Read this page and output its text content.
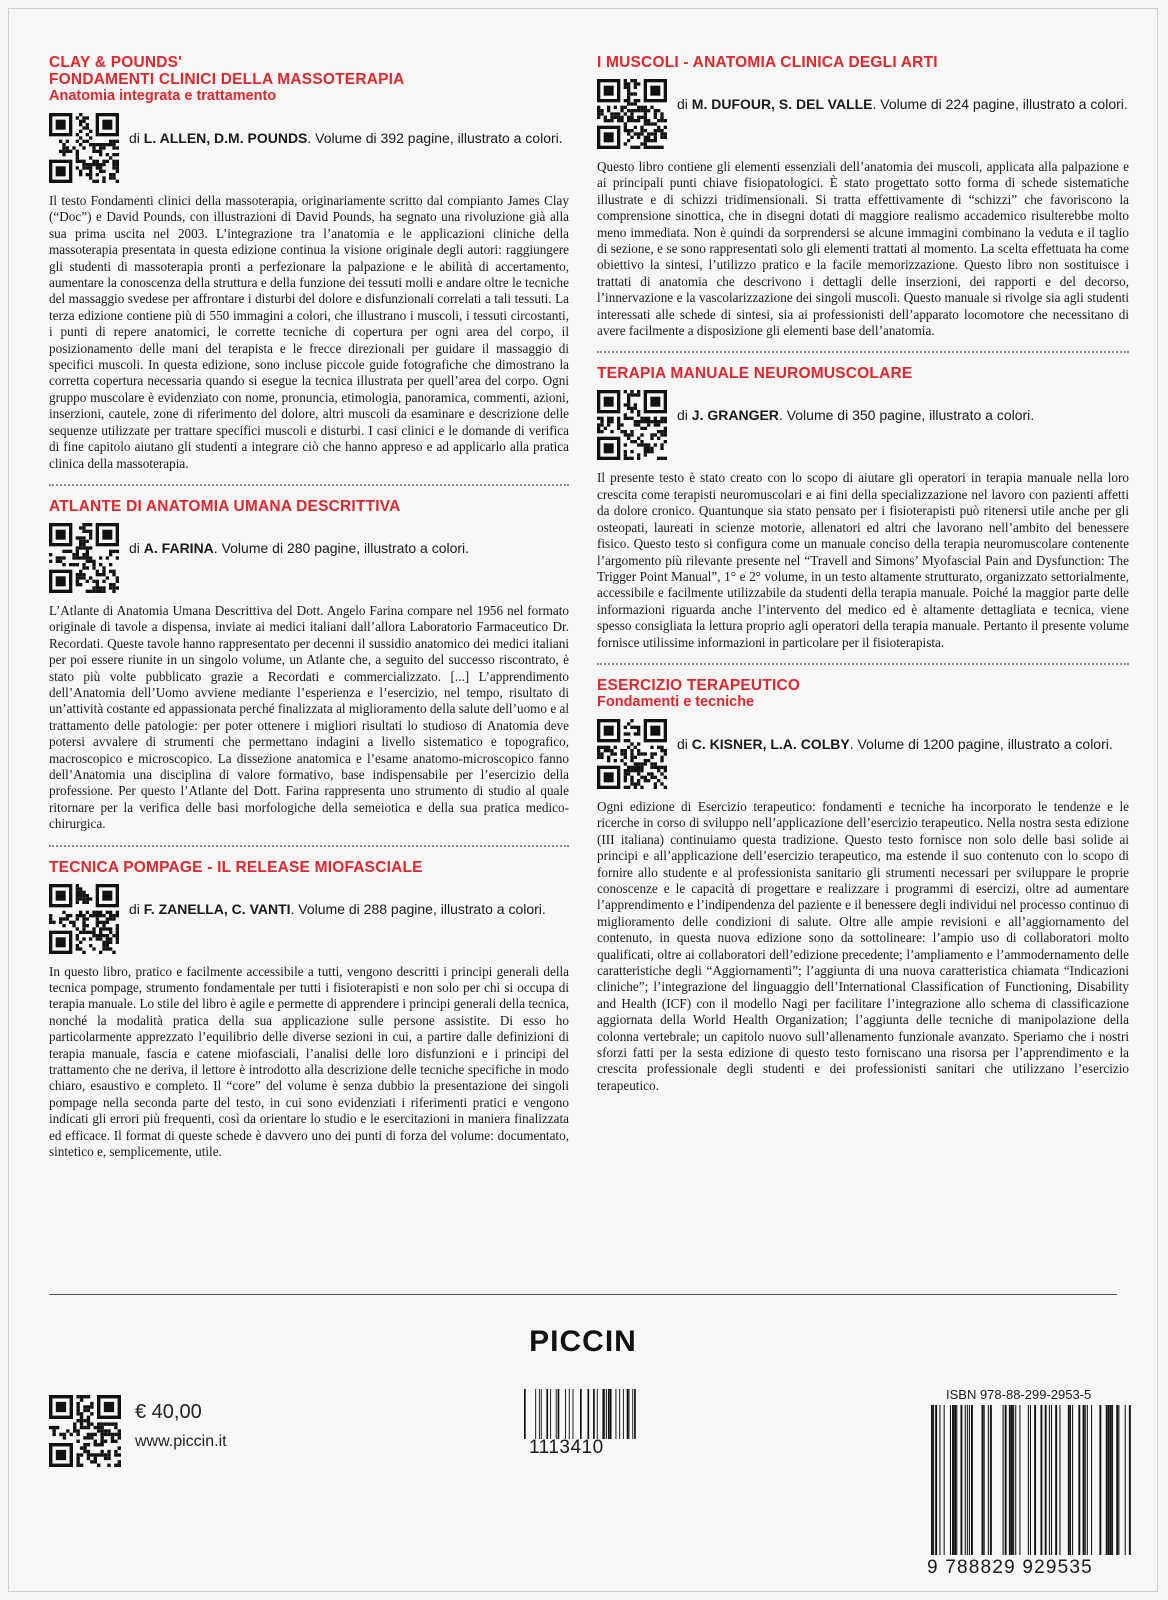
CLAY & POUNDS'
FONDAMENTI CLINICI DELLA MASSOTERAPIA
Anatomia integrata e trattamento
di L. ALLEN, D.M. POUNDS. Volume di 392 pagine, illustrato a colori.

Il testo Fondamenti clinici della massoterapia, originariamente scritto dal compianto James Clay (“Doc”) e David Pounds, con illustrazioni di David Pounds, ha segnato una rivoluzione già alla sua prima uscita nel 2003. L’integrazione tra l’anatomia e le applicazioni cliniche della massoterapia presentata in questa edizione continua la visione originale degli autori: raggiungere gli studenti di massoterapia pronti a perfezionare la palpazione e le abilità di accertamento, aumentare la conoscenza della struttura e della funzione dei tessuti molli e andare oltre le tecniche del massaggio svedese per affrontare i disturbi del dolore e disfunzionali correlati a tali tessuti. La terza edizione contiene più di 550 immagini a colori, che illustrano i muscoli, i tessuti circostanti, i punti di repere anatomici, le corrette tecniche di copertura per ogni area del corpo, il posizionamento delle mani del terapista e le frecce direzionali per guidare il massaggio di specifici muscoli. In questa edizione, sono incluse piccole guide fotografiche che dimostrano la corretta copertura necessaria quando si esegue la tecnica illustrata per quell’area del corpo. Ogni gruppo muscolare è evidenziato con nome, pronuncia, etimologia, panoramica, commenti, azioni, inserzioni, cautele, zone di riferimento del dolore, altri muscoli da esaminare e descrizione delle sequenze utilizzate per trattare specifici muscoli e disturbi. I casi clinici e le domande di verifica di fine capitolo aiutano gli studenti a integrare ciò che hanno appreso e ad applicarlo alla pratica clinica della massoterapia.

ATLANTE DI ANATOMIA UMANA DESCRITTIVA
di A. FARINA. Volume di 280 pagine, illustrato a colori.

L’Atlante di Anatomia Umana Descrittiva del Dott. Angelo Farina compare nel 1956 nel formato originale di tavole a dispensa, inviate ai medici italiani dall’allora Laboratorio Farmaceutico Dr. Recordati. Queste tavole hanno rappresentato per decenni il sussidio anatomico dei medici italiani per poi essere riunite in un singolo volume, un Atlante che, a seguito del successo riscontrato, è stato più volte pubblicato grazie a Recordati e commercializzato. [...] L’apprendimento dell’Anatomia dell’Uomo avviene mediante l’esperienza e l’esercizio, nel tempo, risultato di un’attività costante ed appassionata perché finalizzata al miglioramento della salute dell’uomo e al trattamento delle patologie: per poter ottenere i migliori risultati lo studioso di Anatomia deve potersi avvalere di strumenti che permettano indagini a livello sistematico e topografico, macroscopico e microscopico. La dissezione anatomica e l’esame anatomo-microscopico fanno dell’Anatomia una disciplina di valore formativo, base indispensabile per l’esercizio della professione. Per questo l’Atlante del Dott. Farina rappresenta uno strumento di studio al quale ritornare per la verifica delle basi morfologiche della semeiotica e della sua pratica medico-chirurgica.

TECNICA POMPAGE - IL RELEASE MIOFASCIALE
di F. ZANELLA, C. VANTI. Volume di 288 pagine, illustrato a colori.

In questo libro, pratico e facilmente accessibile a tutti, vengono descritti i principi generali della tecnica pompage, strumento fondamentale per tutti i fisioterapisti e non solo per chi si occupa di terapia manuale. Lo stile del libro è agile e permette di apprendere i principi generali della tecnica, nonché la modalità pratica della sua applicazione sulle persone assistite. Di esso ho particolarmente apprezzato l’equilibrio delle diverse sezioni in cui, a partire dalle definizioni di terapia manuale, fascia e catene miofasciali, l’analisi delle loro disfunzioni e i principi del trattamento che ne deriva, il lettore è introdotto alla descrizione delle tecniche specifiche in modo chiaro, esaustivo e completo. Il “core” del volume è senza dubbio la presentazione dei singoli pompage nella seconda parte del testo, in cui sono evidenziati i riferimenti pratici e vengono indicati gli errori più frequenti, così da orientare lo studio e le esercitazioni in maniera finalizzata ed efficace. Il format di queste schede è davvero uno dei punti di forza del volume: documentato, sintetico e, semplicemente, utile.

I MUSCOLI - ANATOMIA CLINICA DEGLI ARTI
di M. DUFOUR, S. DEL VALLE. Volume di 224 pagine, illustrato a colori.

Questo libro contiene gli elementi essenziali dell’anatomia dei muscoli, applicata alla palpazione e ai principali punti chiave fisiopatologici. È stato progettato sotto forma di schede sistematiche illustrate e di schizzi tridimensionali. Si tratta effettivamente di “schizzi” che favoriscono la comprensione sinottica, che in disegni dotati di maggiore realismo accademico risulterebbe molto meno immediata. Non è quindi da sorprendersi se alcune immagini combinano la veduta e il taglio di sezione, e se sono rappresentati solo gli elementi trattati al momento. La scelta effettuata ha come obiettivo la sintesi, l’utilizzo pratico e la facile memorizzazione. Questo libro non sostituisce i trattati di anatomia che descrivono i dettagli delle inserzioni, dei rapporti e del decorso, l’innervazione e la vascolarizzazione dei singoli muscoli. Questo manuale si rivolge sia agli studenti interessati alle schede di sintesi, sia ai professionisti dell’apparato locomotore che necessitano di avere facilmente a disposizione gli elementi base dell’anatomia.

TERAPIA MANUALE NEUROMUSCOLARE
di J. GRANGER. Volume di 350 pagine, illustrato a colori.

Il presente testo è stato creato con lo scopo di aiutare gli operatori in terapia manuale nella loro crescita come terapisti neuromuscolari e ai fini della specializzazione nel lavoro con pazienti affetti da dolore cronico. Quantunque sia stato pensato per i fisioterapisti può ritenersi utile anche per gli osteopati, laureati in scienze motorie, allenatori ed altri che lavorano nell’ambito del benessere fisico. Questo testo si configura come un manuale conciso della terapia neuromuscolare contenente l’argomento più rilevante presente nel “Travell and Simons’ Myofascial Pain and Dysfunction: The Trigger Point Manual”, 1° e 2° volume, in un testo altamente strutturato, organizzato settorialmente, accessibile e facilmente utilizzabile da studenti della terapia manuale. Poiché la maggior parte delle informazioni riguarda anche l’intervento del medico ed è altamente dettagliata e tecnica, viene spesso consigliata la lettura proprio agli operatori della terapia manuale. Pertanto il presente volume fornisce utilissime informazioni in particolare per il fisioterapista.

ESERCIZIO TERAPEUTICO
Fondamenti e tecniche
di C. KISNER, L.A. COLBY. Volume di 1200 pagine, illustrato a colori.

Ogni edizione di Esercizio terapeutico: fondamenti e tecniche ha incorporato le tendenze e le ricerche in corso di sviluppo nell’applicazione dell’esercizio terapeutico. Nella nostra sesta edizione (III italiana) continuiamo questa tradizione. Questo testo fornisce non solo delle basi solide ai principi e all’applicazione dell’esercizio terapeutico, ma estende il suo contenuto con lo scopo di fornire allo studente e al professionista sanitario gli strumenti necessari per sviluppare le proprie conoscenze e le capacità di progettare e realizzare i programmi di esercizi, oltre ad aumentare l’apprendimento e l’indipendenza del paziente e il benessere degli individui nel processo continuo di miglioramento delle condizioni di salute. Oltre alle ampie revisioni e all’aggiornamento del contenuto, in questa nuova edizione sono da sottolineare: l’ampio uso di collaboratori molto qualificati, oltre ai collaboratori dell’edizione precedente; l’ampliamento e l’ammodernamento delle caratteristiche degli “Aggiornamenti”; l’aggiunta di una nuova caratteristica chiamata “Indicazioni cliniche”; l’integrazione del linguaggio dell’International Classification of Functioning, Disability and Health (ICF) con il modello Nagi per facilitare l’integrazione allo schema di classificazione aggiornata della World Health Organization; l’aggiunta delle tecniche di manipolazione della colonna vertebrale; un capitolo nuovo sull’allenamento funzionale avanzato. Speriamo che i nostri sforzi fatti per la sesta edizione di questo testo forniscano una risorsa per l’apprendimento e la crescita professionale degli studenti e dei professionisti sanitari che utilizzano l’esercizio terapeutico.

PICCIN
€ 40,00
www.piccin.it	1113410
ISBN 978-88-299-2953-5
9 788829 929535
